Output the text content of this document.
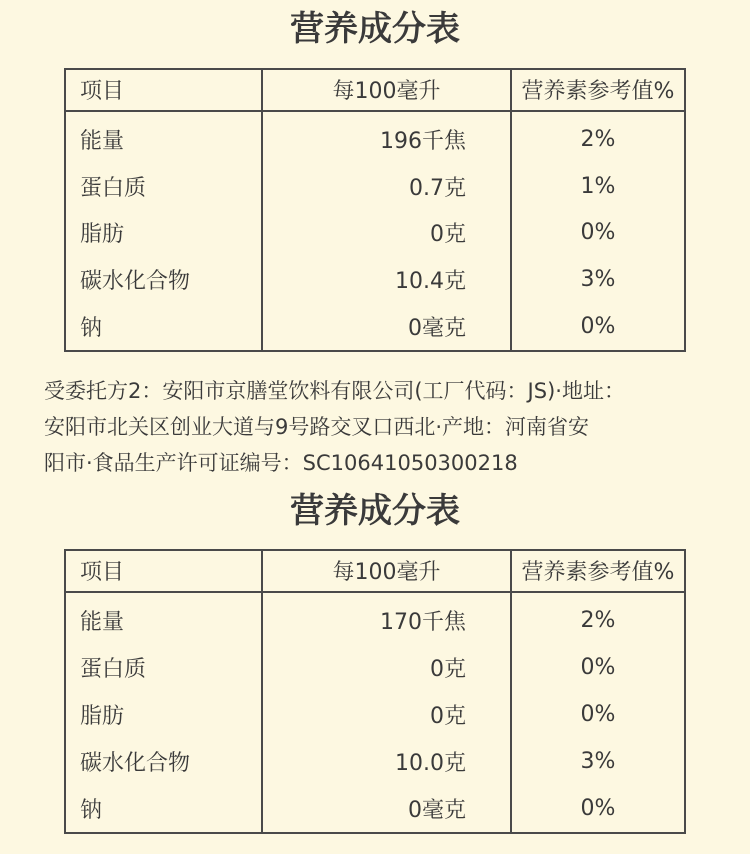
营养成分表
项目	每100毫升	营养素参考值%
能量	196千焦	2%
蛋白质	0.7克	1%
脂肪	0克	0%
碳水化合物	10.4克	3%
钠	0毫克	0%
受委托方2：安阳市京膳堂饮料有限公司(工厂代码：JS)·地址：
安阳市北关区创业大道与9号路交叉口西北·产地：河南省安
阳市·食品生产许可证编号：SC10641050300218
营养成分表
项目	每100毫升	营养素参考值%
能量	170千焦	2%
蛋白质	0克	0%
脂肪	0克	0%
碳水化合物	10.0克	3%
钠	0毫克	0%
